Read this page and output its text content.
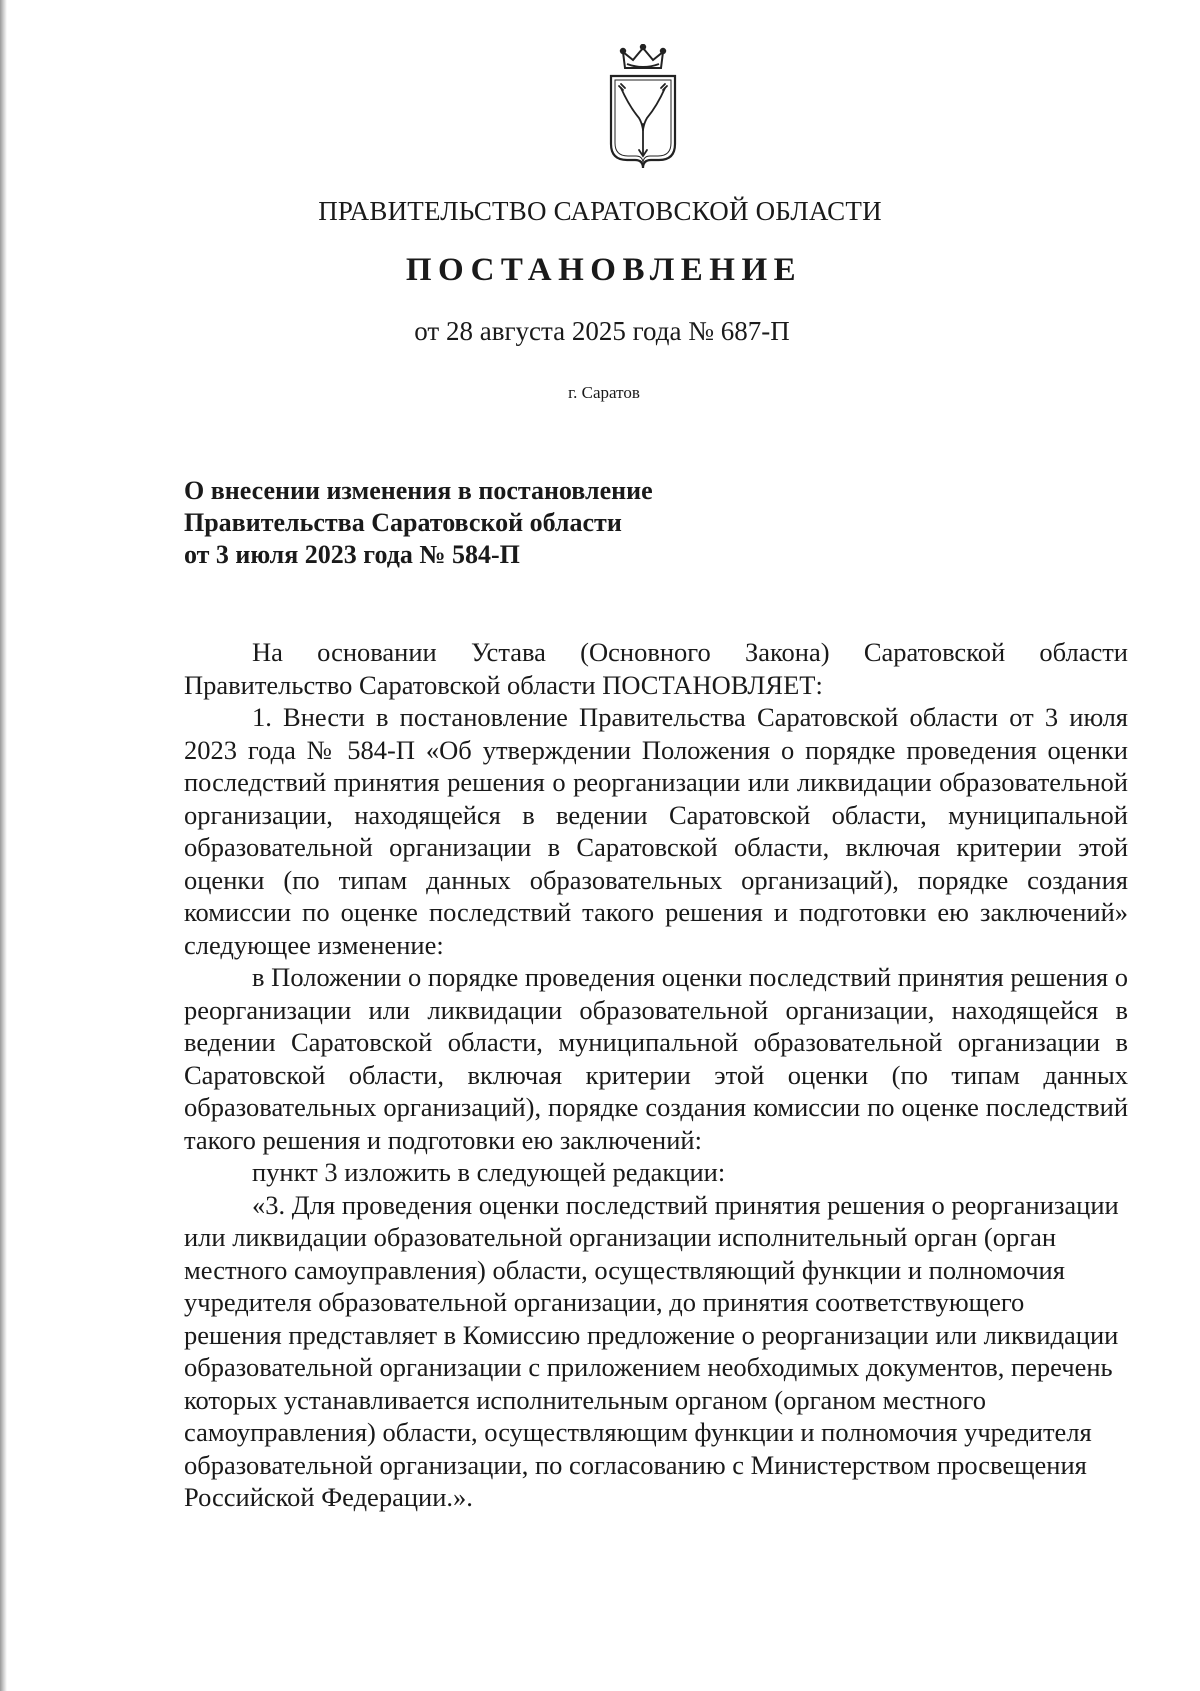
ПРАВИТЕЛЬСТВО САРАТОВСКОЙ ОБЛАСТИ
ПОСТАНОВЛЕНИЕ
от 28 августа 2025 года № 687-П
г. Саратов
О внесении изменения в постановление
Правительства Саратовской области
от 3 июля 2023 года № 584-П

На основании Устава (Основного Закона) Саратовской области Правительство Саратовской области ПОСТАНОВЛЯЕТ:

1. Внести в постановление Правительства Саратовской области от 3 июля 2023 года № 584-П «Об утверждении Положения о порядке проведения оценки последствий принятия решения о реорганизации или ликвидации образовательной организации, находящейся в ведении Саратовской области, муниципальной образовательной организации в Саратовской области, включая критерии этой оценки (по типам данных образовательных организаций), порядке создания комиссии по оценке последствий такого решения и подготовки ею заключений» следующее изменение:

в Положении о порядке проведения оценки последствий принятия решения о реорганизации или ликвидации образовательной организации, находящейся в ведении Саратовской области, муниципальной образовательной организации в Саратовской области, включая критерии этой оценки (по типам данных образовательных организаций), порядке создания комиссии по оценке последствий такого решения и подготовки ею заключений:

пункт 3 изложить в следующей редакции:

«3. Для проведения оценки последствий принятия решения о реорганизации или ликвидации образовательной организации исполнительный орган (орган местного самоуправления) области, осуществляющий функции и полномочия учредителя образовательной организации, до принятия соответствующего решения представляет в Комиссию предложение о реорганизации или ликвидации образовательной организации с приложением необходимых документов, перечень которых устанавливается исполнительным органом (органом местного самоуправления) области, осуществляющим функции и полномочия учредителя образовательной организации, по согласованию с Министерством просвещения Российской Федерации.».
